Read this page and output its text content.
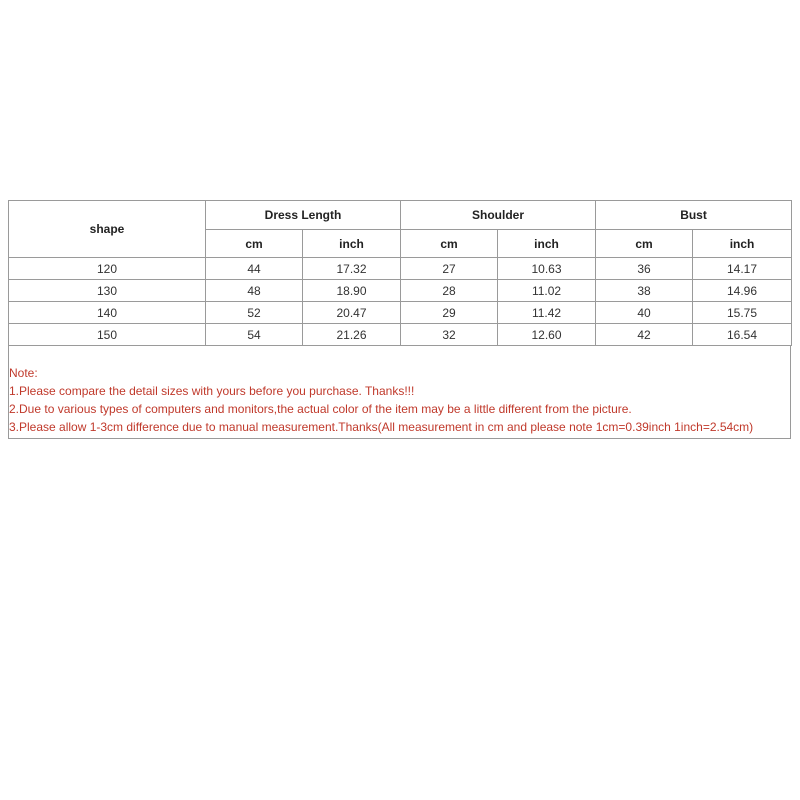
shape	Dress Length		Shoulder		Bust	
	cm	inch	cm	inch	cm	inch
120	44	17.32	27	10.63	36	14.17
130	48	18.90	28	11.02	38	14.96
140	52	20.47	29	11.42	40	15.75
150	54	21.26	32	12.60	42	16.54
Note:
1.Please compare the detail sizes with yours before you purchase. Thanks!!!
2.Due to various types of computers and monitors,the actual color of the item may be a little different from the picture.
3.Please allow 1-3cm difference due to manual measurement.Thanks(All measurement in cm and please note 1cm=0.39inch 1inch=2.54cm)
